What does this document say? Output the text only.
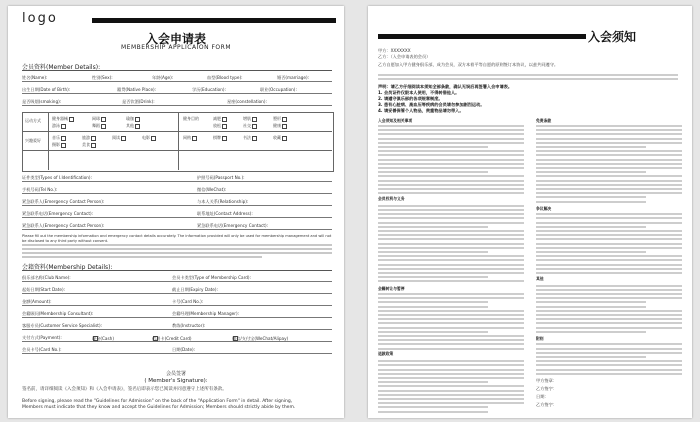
logo
入会申请表
MEMBERSHIP APPLICAION FORM
会员资料(Member Details):
姓名(Name):	性别(Sex):	年龄(Age):	血型(Blood type):	婚否(marriage):
出生日期(Date of Birth):	籍贯(Native Place):	学历(Education):	职业(Occupation):
是否吸烟(smoking):	是否饮酒(Drink):	星座(constellation):
运动方式	健身器械	网球	瑜伽
游泳	舞蹈	其他
健身目的	减肥	增肌	塑形
放松	社交	健康
兴趣爱好
音乐	旅游	阅读	电影
摄影	美食
网购	棋牌	书法	收藏
证件类型(Types of I.Identification):	护照号码(Passport No.):
手机号码(Tel No.):	微信(WeChat):
紧急联系人(Emergency Contact Person):	与本人关系(Relationship):
紧急联系电话(Emergency Contact):	联系地址(Contact Address):
紧急联系人(Emergency Contact Person):	紧急联系电话(Emergency Contact):
Please fill out the membership information and emergency contact details accurately. The information provided will only be used for membership management and will not be disclosed to any third party without consent.
会籍资料(Membership Details):
俱乐部名称(Club Name):	会员卡类型(Type of Membership Card):
起始日期(Start Date):	截止日期(Expiry Date):
金额(Amount):	卡号(Card No.):
会籍顾问(Membership Consultant):	会籍经理(Membership Manager):
客服专员(Customer Service Specialist):	教练(Instructor):
支付方式(Payment):	现金(Cash)	信用卡(Credit Card)	微信/支付宝(WeChat/Alipay)
会员卡号(Card No.):	日期(Date):
会员签署
( Member's Signature):
签名前，请详细阅读《入会须知》和《入会申请表》，签名后即表示您已阅读并同意遵守上述所有条款。
Before signing, please read the "Guidelines for Admission" on the back of the "Application Form" in detail. After signing,
Members must indicate that they know and accept the Guidelines for Admission; Members should strictly abide by them.
入会须知
甲方：XXXXXXX
乙方：（入会申请表的会员）
乙方自愿加入甲方健身俱乐部，成为会员，双方本着平等自愿的原则签订本协议，以兹共同遵守。
声明：请乙方仔细阅读本须知全部条款，确认无误后再签署入会申请表。
1. 会员证件仅限本人使用，不得转借他人。
2. 请遵守俱乐部的各项规章制度。
3. 患有心脏病、高血压等疾病的会员请勿参加剧烈运动。
4. 请妥善保管个人物品，贵重物品请勿带入。
入会须知及相关事项
会员权利与义务
会籍转让与暂停
退款政策
免责条款
争议解决
其他
附则
甲方签章：
乙方签字：
日期：
乙方签字：
